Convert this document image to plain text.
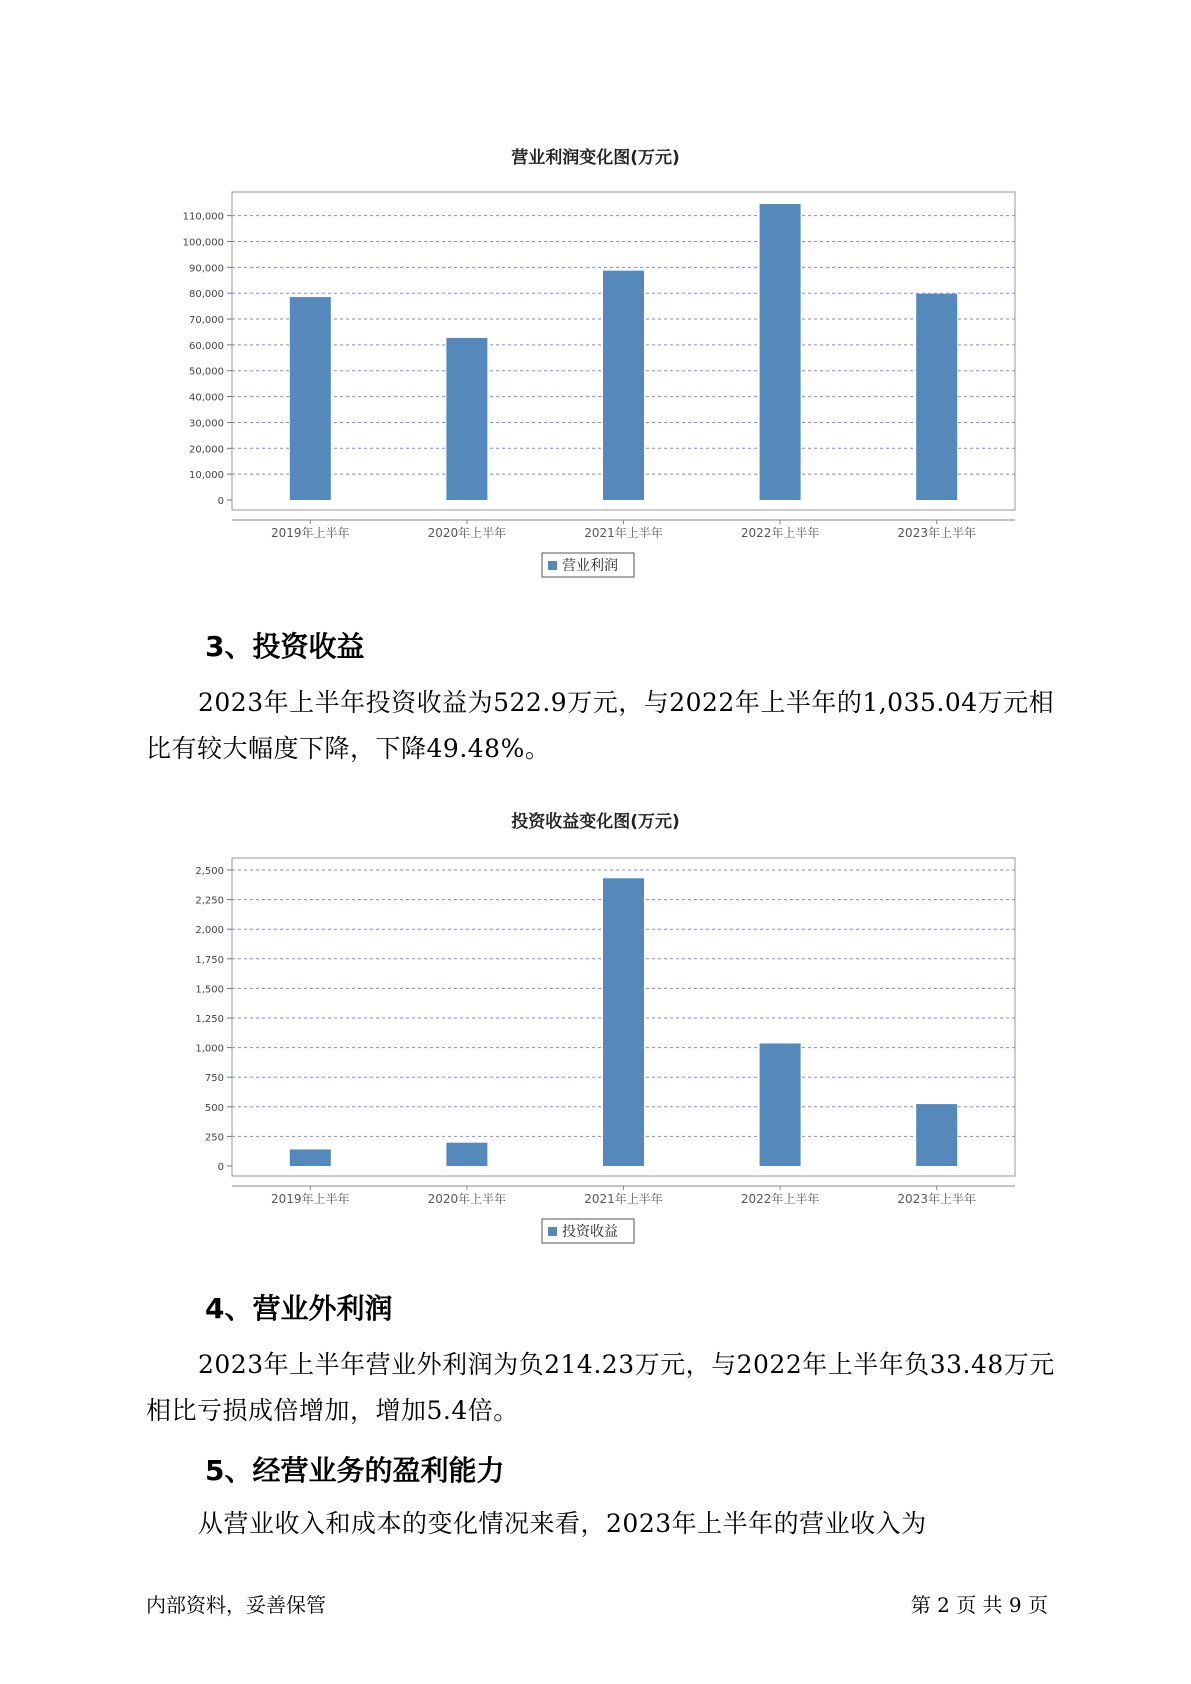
营业利润变化图(万元)
0
10,000
20,000
30,000
40,000
50,000
60,000
70,000
80,000
90,000
100,000
110,000
2019年上半年	2020年上半年	2021年上半年	2022年上半年	2023年上半年
营业利润
3、投资收益
2023年上半年投资收益为522.9万元，与2022年上半年的1,035.04万元相比有较大幅度下降，下降49.48%。
投资收益变化图(万元)
0
250
500
750
1,000
1,250
1,500
1,750
2,000
2,250
2,500
2019年上半年	2020年上半年	2021年上半年	2022年上半年	2023年上半年
投资收益
4、营业外利润
2023年上半年营业外利润为负214.23万元，与2022年上半年负33.48万元相比亏损成倍增加，增加5.4倍。
5、经营业务的盈利能力
从营业收入和成本的变化情况来看，2023年上半年的营业收入为
内部资料，妥善保管	第 2 页 共 9 页
